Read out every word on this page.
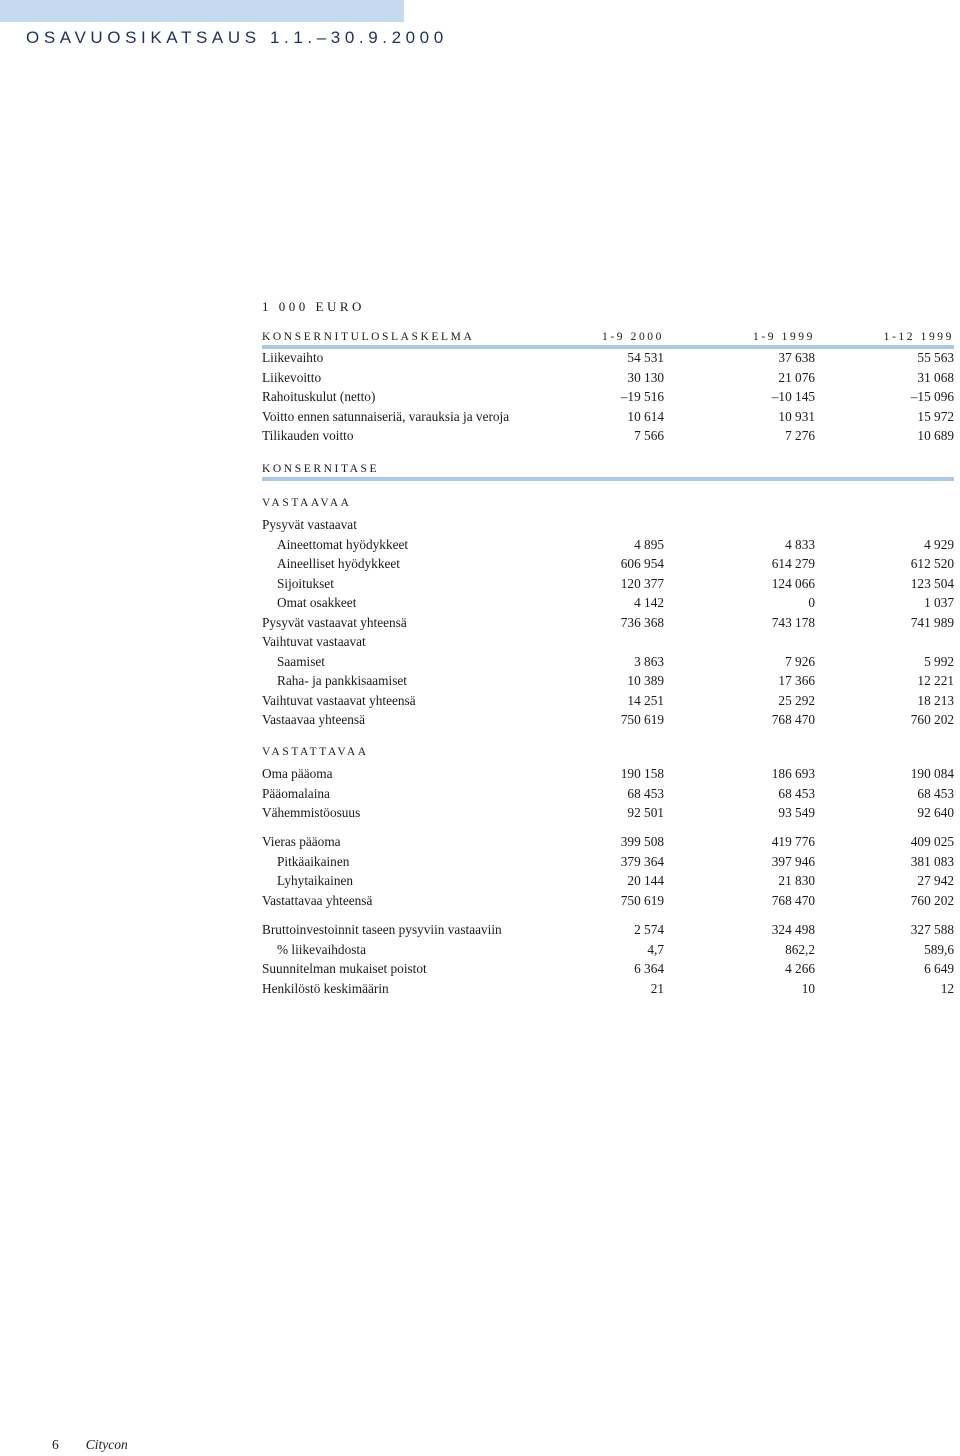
OSAVUOSIKATSAUS 1.1.–30.9.2000
1 000 EURO
KONSERNITULOSLASKELMA	1-9 2000	1-9 1999	1-12 1999
Liikevaihto	54 531	37 638	55 563
Liikevoitto	30 130	21 076	31 068
Rahoituskulut (netto)	–19 516	–10 145	–15 096
Voitto ennen satunnaiseriä, varauksia ja veroja	10 614	10 931	15 972
Tilikauden voitto	7 566	7 276	10 689
KONSERNITASE
VASTAAVAA
Pysyvät vastaavat
Aineettomat hyödykkeet	4 895	4 833	4 929
Aineelliset hyödykkeet	606 954	614 279	612 520
Sijoitukset	120 377	124 066	123 504
Omat osakkeet	4 142	0	1 037
Pysyvät vastaavat yhteensä	736 368	743 178	741 989
Vaihtuvat vastaavat
Saamiset	3 863	7 926	5 992
Raha- ja pankkisaamiset	10 389	17 366	12 221
Vaihtuvat vastaavat yhteensä	14 251	25 292	18 213
Vastaavaa yhteensä	750 619	768 470	760 202
VASTATTAVAA
Oma pääoma	190 158	186 693	190 084
Pääomalaina	68 453	68 453	68 453
Vähemmistöosuus	92 501	93 549	92 640
Vieras pääoma	399 508	419 776	409 025
Pitkäaikainen	379 364	397 946	381 083
Lyhytaikainen	20 144	21 830	27 942
Vastattavaa yhteensä	750 619	768 470	760 202
Bruttoinvestoinnit taseen pysyviin vastaaviin	2 574	324 498	327 588
% liikevaihdosta	4,7	862,2	589,6
Suunnitelman mukaiset poistot	6 364	4 266	6 649
Henkilöstö keskimäärin	21	10	12
6 Citycon
